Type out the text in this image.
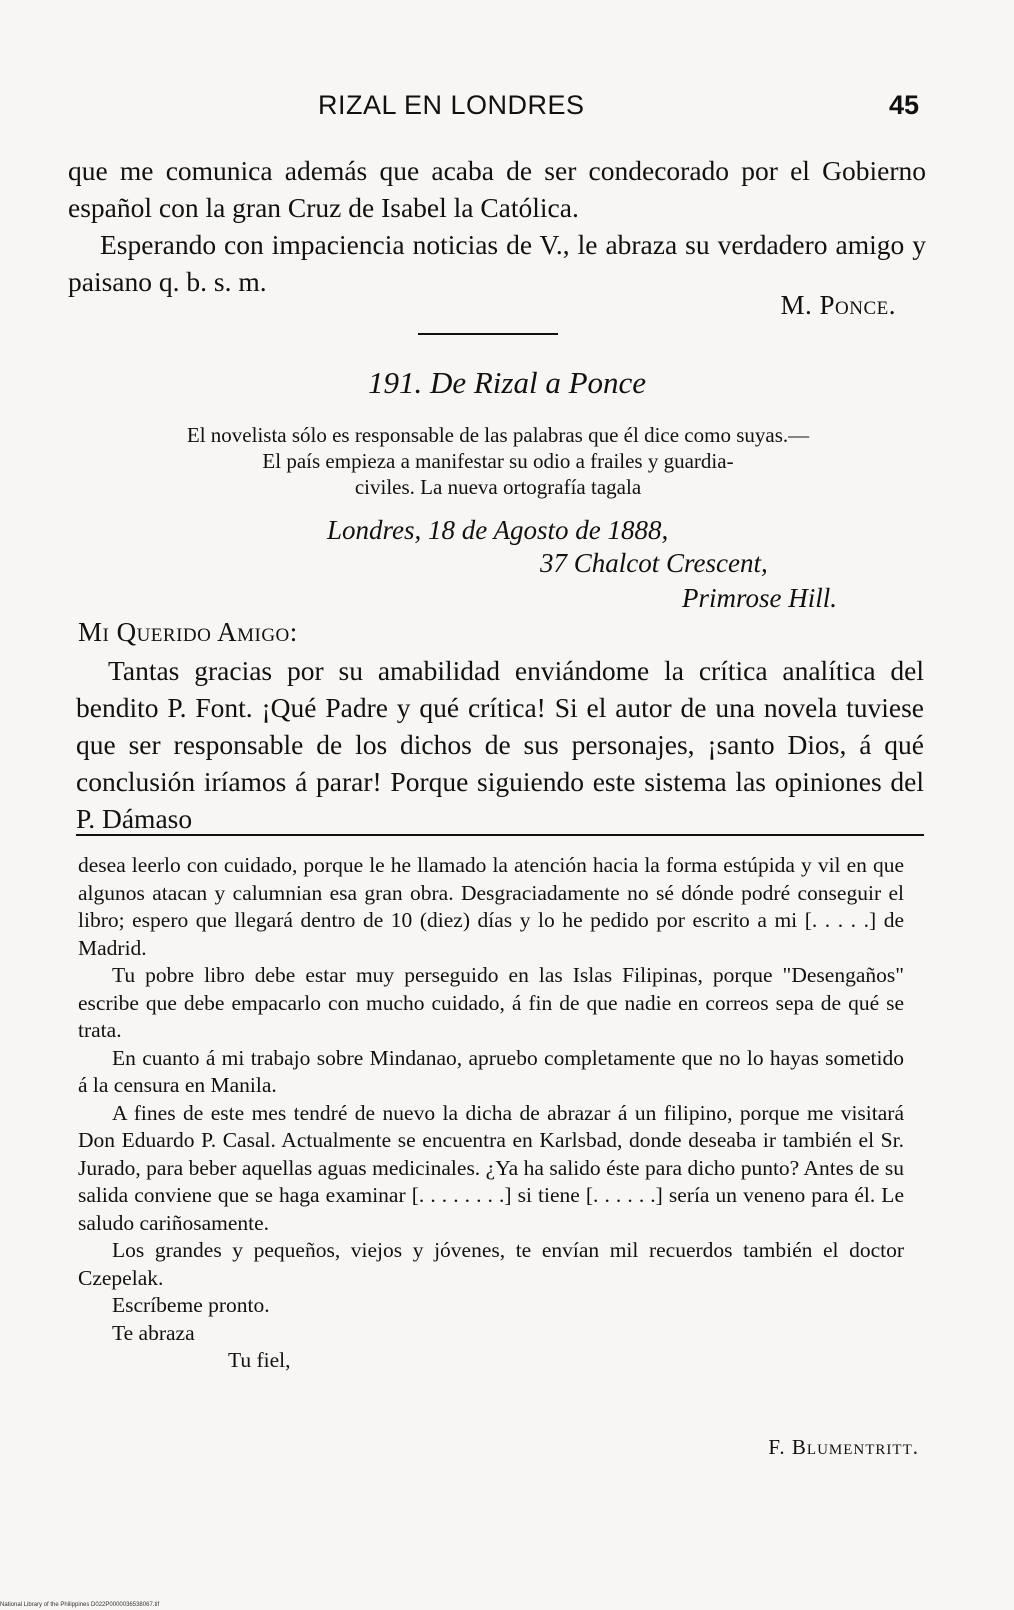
RIZAL EN LONDRES	45

que me comunica además que acaba de ser condecorado por el Gobierno español con la gran Cruz de Isabel la Católica.

Esperando con impaciencia noticias de V., le abraza su verdadero amigo y paisano q. b. s. m.

M. Ponce.
191. De Rizal a Ponce
El novelista sólo es responsable de las palabras que él dice como suyas.—
El país empieza a manifestar su odio a frailes y guardia-
civiles. La nueva ortografía tagala
Londres, 18 de Agosto de 1888,
37 Chalcot Crescent,
Primrose Hill.
Mi Querido Amigo:

Tantas gracias por su amabilidad enviándome la crítica analítica del bendito P. Font. ¡Qué Padre y qué crítica! Si el autor de una novela tuviese que ser responsable de los dichos de sus personajes, ¡santo Dios, á qué conclusión iríamos á parar! Porque siguiendo este sistema las opiniones del P. Dámaso

desea leerlo con cuidado, porque le he llamado la atención hacia la forma estúpida y vil en que algunos atacan y calumnian esa gran obra. Desgraciadamente no sé dónde podré conseguir el libro; espero que llegará dentro de 10 (diez) días y lo he pedido por escrito a mi [. . . . .] de Madrid.

Tu pobre libro debe estar muy perseguido en las Islas Filipinas, porque "Desengaños" escribe que debe empacarlo con mucho cuidado, á fin de que nadie en correos sepa de qué se trata.

En cuanto á mi trabajo sobre Mindanao, apruebo completamente que no lo hayas sometido á la censura en Manila.

A fines de este mes tendré de nuevo la dicha de abrazar á un filipino, porque me visitará Don Eduardo P. Casal. Actualmente se encuentra en Karlsbad, donde deseaba ir también el Sr. Jurado, para beber aquellas aguas medicinales. ¿Ya ha salido éste para dicho punto? Antes de su salida conviene que se haga examinar [. . . . . . . .] si tiene [. . . . . .] sería un veneno para él. Le saludo cariñosamente.

Los grandes y pequeños, viejos y jóvenes, te envían mil recuerdos también el doctor Czepelak.

Escríbeme pronto.

Te abraza

Tu fiel,

F. Blumentritt.
National Library of the Philippines D022P0000036538067.tif
